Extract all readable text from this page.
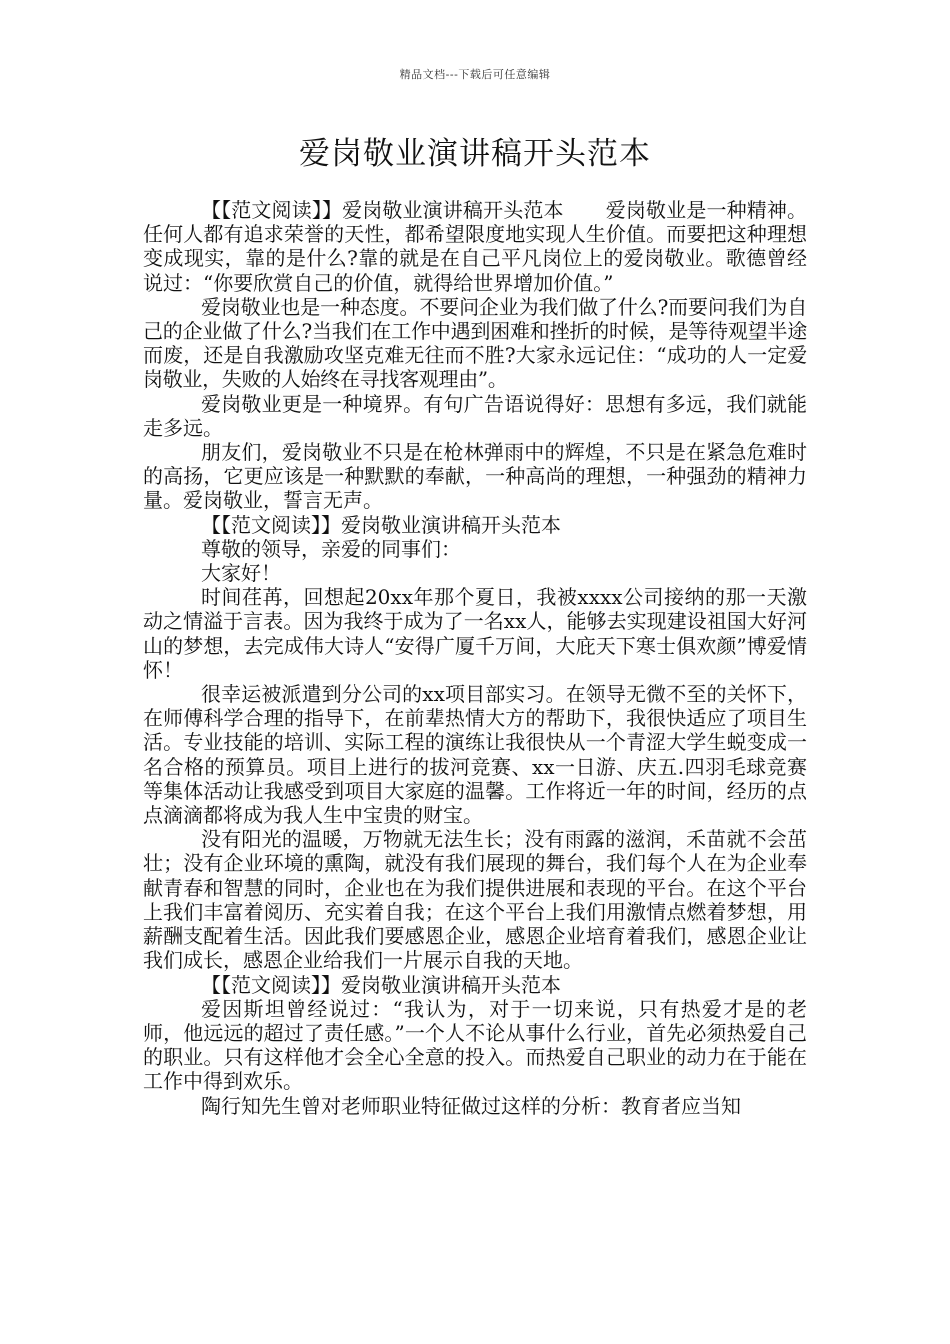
精品文档---下载后可任意编辑
爱岗敬业演讲稿开头范本

【【范文阅读】】爱岗敬业演讲稿开头范本 爱岗敬业是一种精神。任何人都有追求荣誉的天性，都希望限度地实现人生价值。而要把这种理想变成现实，靠的是什么?靠的就是在自己平凡岗位上的爱岗敬业。歌德曾经说过：“你要欣赏自己的价值，就得给世界增加价值。”

爱岗敬业也是一种态度。不要问企业为我们做了什么?而要问我们为自己的企业做了什么?当我们在工作中遇到困难和挫折的时候，是等待观望半途而废，还是自我激励攻坚克难无往而不胜?大家永远记住：“成功的人一定爱岗敬业，失败的人始终在寻找客观理由”。

爱岗敬业更是一种境界。有句广告语说得好：思想有多远，我们就能走多远。

朋友们，爱岗敬业不只是在枪林弹雨中的辉煌，不只是在紧急危难时的高扬，它更应该是一种默默的奉献，一种高尚的理想，一种强劲的精神力量。爱岗敬业，誓言无声。

【【范文阅读】】爱岗敬业演讲稿开头范本

尊敬的领导，亲爱的同事们：

大家好！

时间荏苒，回想起20xx年那个夏日，我被xxxx公司接纳的那一天激动之情溢于言表。因为我终于成为了一名xx人，能够去实现建设祖国大好河山的梦想，去完成伟大诗人“安得广厦千万间，大庇天下寒士俱欢颜”博爱情怀！

很幸运被派遣到分公司的xx项目部实习。在领导无微不至的关怀下，在师傅科学合理的指导下，在前辈热情大方的帮助下，我很快适应了项目生活。专业技能的培训、实际工程的演练让我很快从一个青涩大学生蜕变成一名合格的预算员。项目上进行的拔河竞赛、xx一日游、庆五.四羽毛球竞赛等集体活动让我感受到项目大家庭的温馨。工作将近一年的时间，经历的点点滴滴都将成为我人生中宝贵的财宝。

没有阳光的温暖，万物就无法生长；没有雨露的滋润，禾苗就不会茁壮；没有企业环境的熏陶，就没有我们展现的舞台，我们每个人在为企业奉献青春和智慧的同时，企业也在为我们提供进展和表现的平台。在这个平台上我们丰富着阅历、充实着自我；在这个平台上我们用激情点燃着梦想，用薪酬支配着生活。因此我们要感恩企业，感恩企业培育着我们，感恩企业让我们成长，感恩企业给我们一片展示自我的天地。

【【范文阅读】】爱岗敬业演讲稿开头范本

爱因斯坦曾经说过：“我认为，对于一切来说，只有热爱才是的老师，他远远的超过了责任感。”一个人不论从事什么行业，首先必须热爱自己的职业。只有这样他才会全心全意的投入。而热爱自己职业的动力在于能在工作中得到欢乐。

陶行知先生曾对老师职业特征做过这样的分析：教育者应当知
